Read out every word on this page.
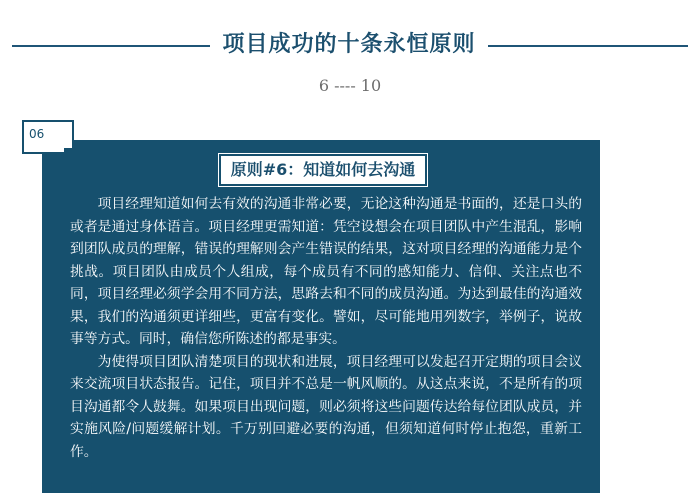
项目成功的十条永恒原则
6 ---- 10
06
原则#6：知道如何去沟通

项目经理知道如何去有效的沟通非常必要，无论这种沟通是书面的，还是口头的或者是通过身体语言。项目经理更需知道：凭空设想会在项目团队中产生混乱，影响到团队成员的理解，错误的理解则会产生错误的结果，这对项目经理的沟通能力是个挑战。项目团队由成员个人组成，每个成员有不同的感知能力、信仰、关注点也不同，项目经理必须学会用不同方法，思路去和不同的成员沟通。为达到最佳的沟通效果，我们的沟通须更详细些，更富有变化。譬如，尽可能地用列数字，举例子，说故事等方式。同时，确信您所陈述的都是事实。

为使得项目团队清楚项目的现状和进展，项目经理可以发起召开定期的项目会议来交流项目状态报告。记住，项目并不总是一帆风顺的。从这点来说，不是所有的项目沟通都令人鼓舞。如果项目出现问题，则必须将这些问题传达给每位团队成员，并实施风险/问题缓解计划。千万别回避必要的沟通，但须知道何时停止抱怨，重新工作。
